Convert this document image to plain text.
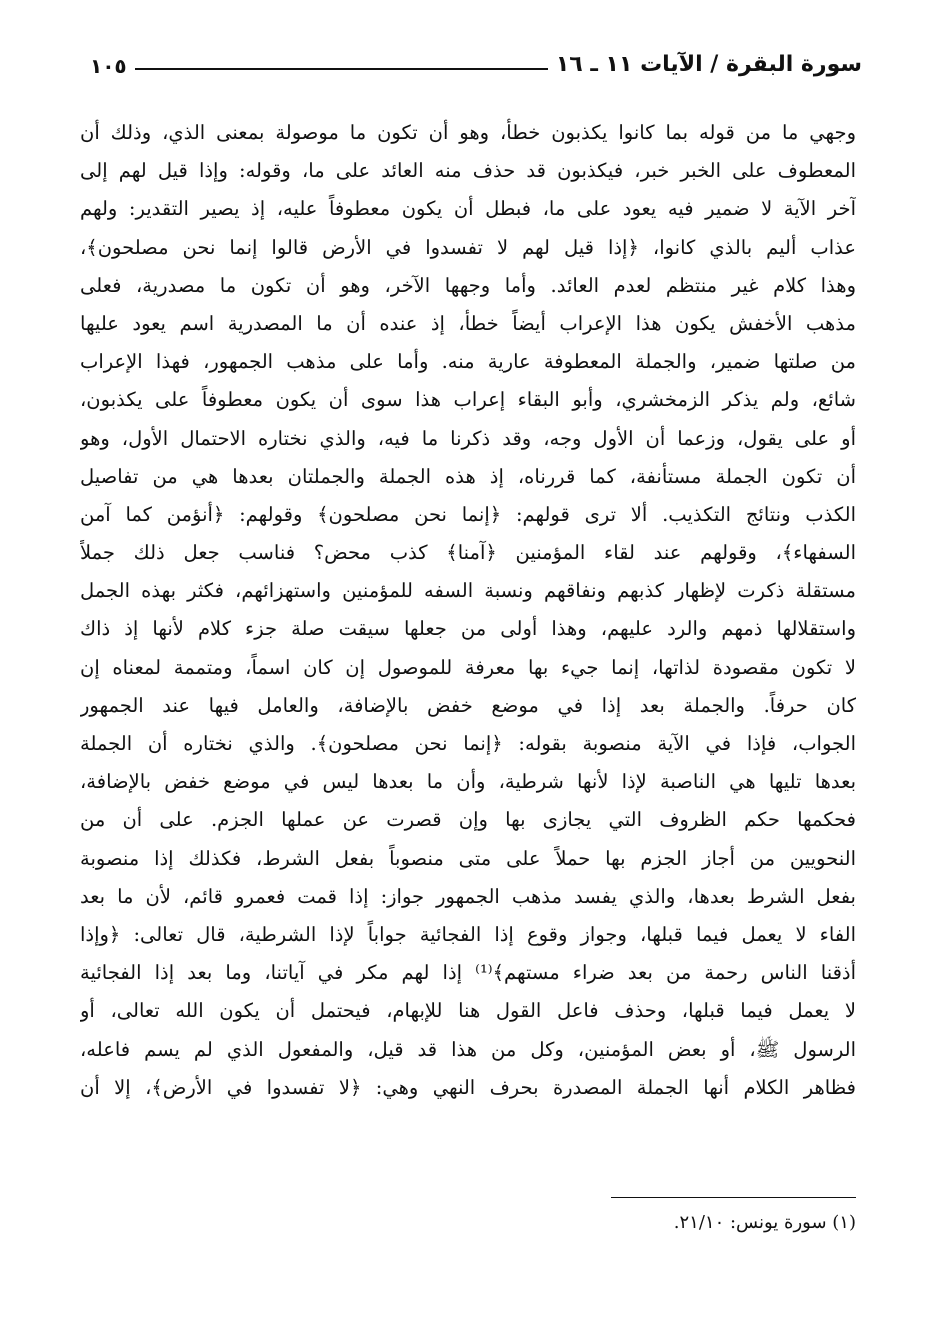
سورة البقرة / الآيات ١١ ـ ١٦
١٠٥
وجهي ما من قوله بما كانوا يكذبون خطأ، وهو أن تكون ما موصولة بمعنى الذي، وذلك أن
المعطوف على الخبر خبر، فيكذبون قد حذف منه العائد على ما، وقوله: وإذا قيل لهم إلى
آخر الآية لا ضمير فيه يعود على ما، فبطل أن يكون معطوفاً عليه، إذ يصير التقدير: ولهم
عذاب أليم بالذي كانوا، ﴿إذا قيل لهم لا تفسدوا في الأرض قالوا إنما نحن مصلحون﴾،
وهذا كلام غير منتظم لعدم العائد. وأما وجهها الآخر، وهو أن تكون ما مصدرية، فعلى
مذهب الأخفش يكون هذا الإعراب أيضاً خطأ، إذ عنده أن ما المصدرية اسم يعود عليها
من صلتها ضمير، والجملة المعطوفة عارية منه. وأما على مذهب الجمهور، فهذا الإعراب
شائع، ولم يذكر الزمخشري، وأبو البقاء إعراب هذا سوى أن يكون معطوفاً على يكذبون،
أو على يقول، وزعما أن الأول وجه، وقد ذكرنا ما فيه، والذي نختاره الاحتمال الأول، وهو
أن تكون الجملة مستأنفة، كما قررناه، إذ هذه الجملة والجملتان بعدها هي من تفاصيل
الكذب ونتائج التكذيب. ألا ترى قولهم: ﴿إنما نحن مصلحون﴾ وقولهم: ﴿أنؤمن كما آمن
السفهاء﴾، وقولهم عند لقاء المؤمنين ﴿آمنا﴾ كذب محض؟ فناسب جعل ذلك جملاً
مستقلة ذكرت لإظهار كذبهم ونفاقهم ونسبة السفه للمؤمنين واستهزائهم، فكثر بهذه الجمل
واستقلالها ذمهم والرد عليهم، وهذا أولى من جعلها سيقت صلة جزء كلام لأنها إذ ذاك
لا تكون مقصودة لذاتها، إنما جيء بها معرفة للموصول إن كان اسماً، ومتممة لمعناه إن
كان حرفاً. والجملة بعد إذا في موضع خفض بالإضافة، والعامل فيها عند الجمهور
الجواب، فإذا في الآية منصوبة بقوله: ﴿إنما نحن مصلحون﴾. والذي نختاره أن الجملة
بعدها تليها هي الناصبة لإذا لأنها شرطية، وأن ما بعدها ليس في موضع خفض بالإضافة،
فحكمها حكم الظروف التي يجازى بها وإن قصرت عن عملها الجزم. على أن من
النحويين من أجاز الجزم بها حملاً على متى منصوباً بفعل الشرط، فكذلك إذا منصوبة
بفعل الشرط بعدها، والذي يفسد مذهب الجمهور جواز: إذا قمت فعمرو قائم، لأن ما بعد
الفاء لا يعمل فيما قبلها، وجواز وقوع إذا الفجائية جواباً لإذا الشرطية، قال تعالى: ﴿وإذا
أذقنا الناس رحمة من بعد ضراء مستهم﴾⁽¹⁾ إذا لهم مكر في آياتنا، وما بعد إذا الفجائية
لا يعمل فيما قبلها، وحذف فاعل القول هنا للإبهام، فيحتمل أن يكون الله تعالى، أو
الرسول ﷺ، أو بعض المؤمنين، وكل من هذا قد قيل، والمفعول الذي لم يسم فاعله،
فظاهر الكلام أنها الجملة المصدرة بحرف النهي وهي: ﴿لا تفسدوا في الأرض﴾، إلا أن
(١) سورة يونس: ٢١/١٠.
